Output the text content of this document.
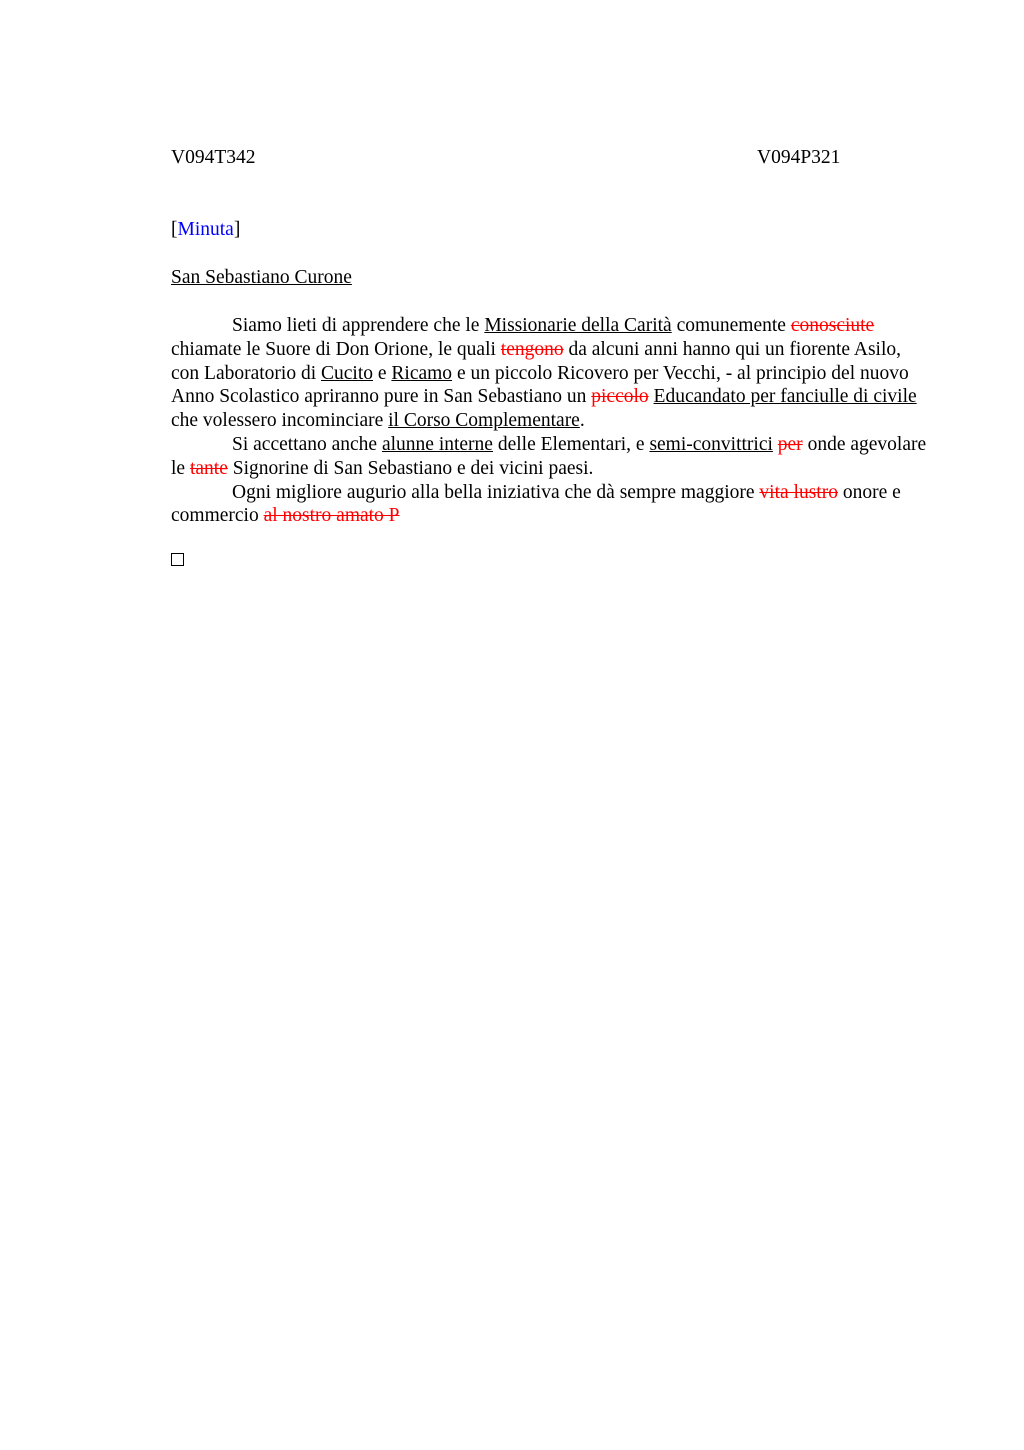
V094T342	V094P321
[Minuta]
San Sebastiano Curone

Siamo lieti di apprendere che le Missionarie della Carità comunemente conosciute chiamate le Suore di Don Orione, le quali tengono da alcuni anni hanno qui un fiorente Asilo, con Laboratorio di Cucito e Ricamo e un piccolo Ricovero per Vecchi, - al principio del nuovo Anno Scolastico apriranno pure in San Sebastiano un piccolo Educandato per fanciulle di civile che volessero incominciare il Corso Complementare.

Si accettano anche alunne interne delle Elementari, e semi-convittrici per onde agevolare le tante Signorine di San Sebastiano e dei vicini paesi.

Ogni migliore augurio alla bella iniziativa che dà sempre maggiore vita lustro onore e commercio al nostro amato P
